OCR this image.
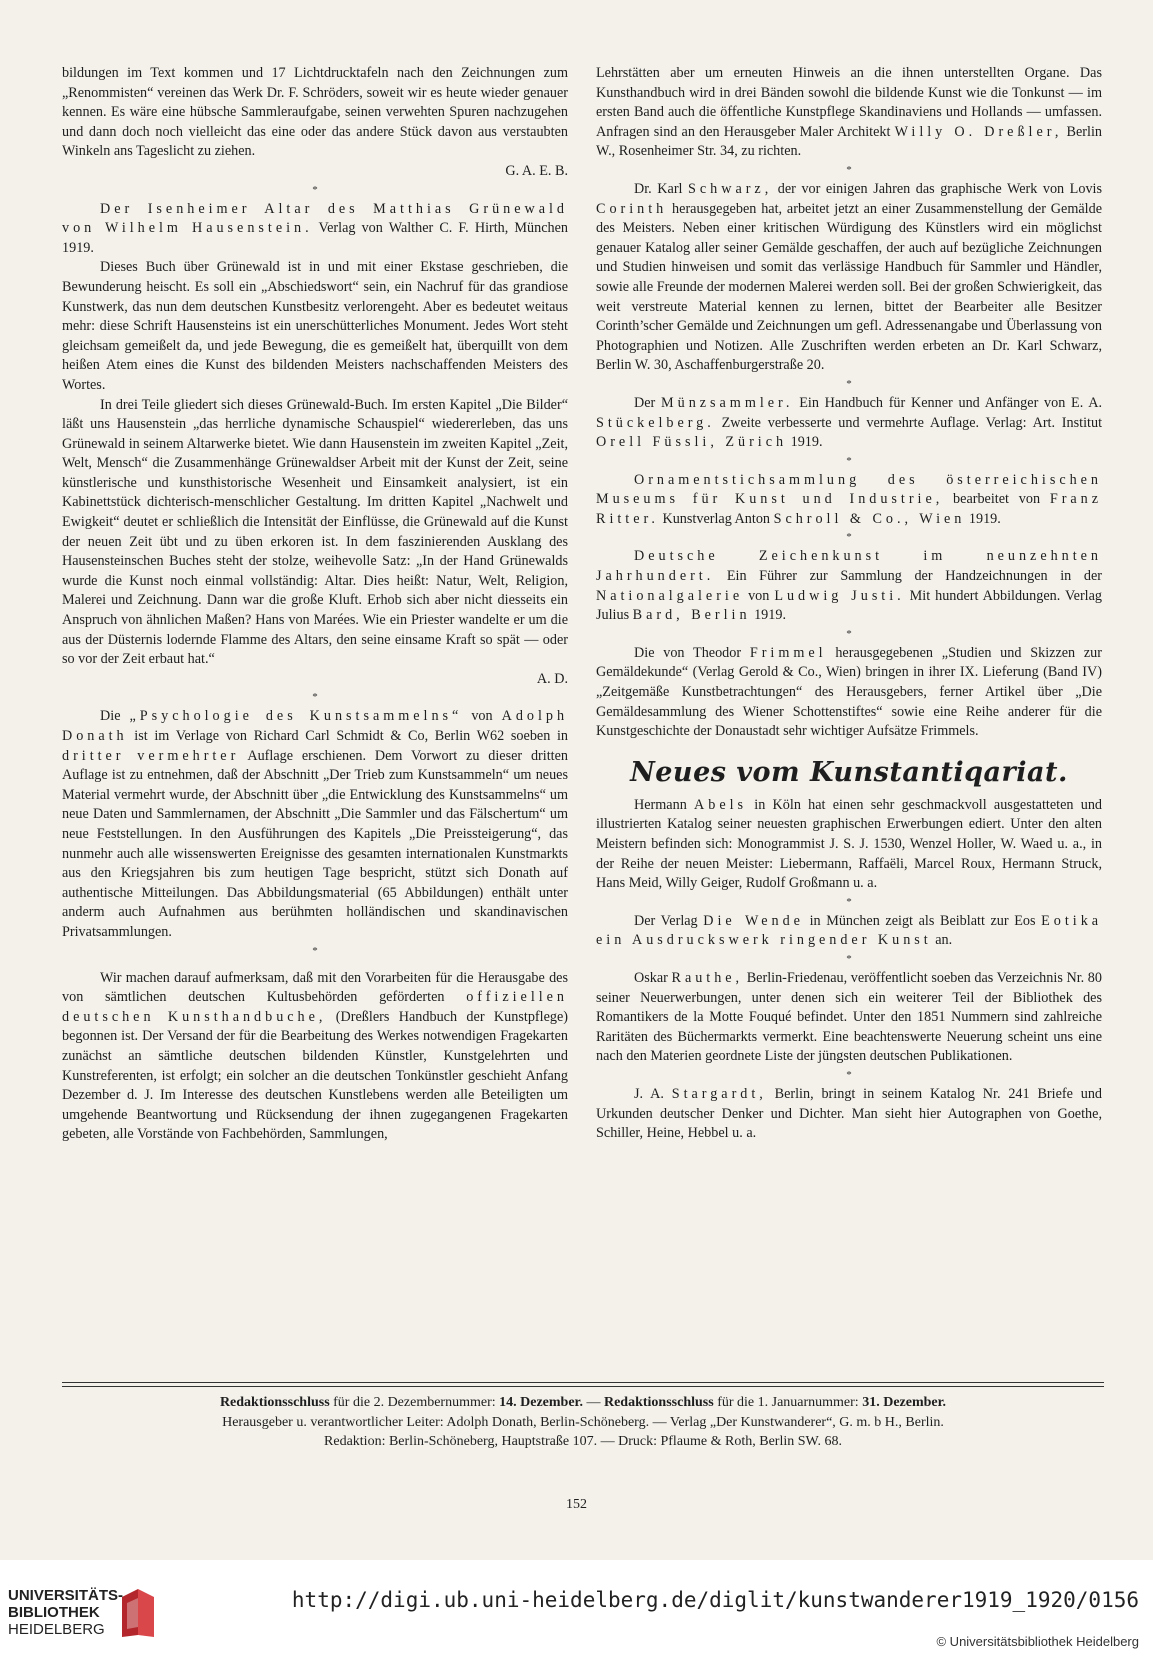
bildungen im Text kommen und 17 Lichtdrucktafeln nach den Zeichnungen zum „Renommisten“ vereinen das Werk Dr. F. Schröders, soweit wir es heute wieder genauer kennen. Es wäre eine hübsche Sammleraufgabe, seinen verwehten Spuren nachzugehen und dann doch noch vielleicht das eine oder das andere Stück davon aus verstaubten Winkeln ans Tageslicht zu ziehen.
G. A. E. B.

*

Der Isenheimer Altar des Matthias Grünewald von Wilhelm Hausenstein. Verlag von Walther C. F. Hirth, München 1919.

Dieses Buch über Grünewald ist in und mit einer Ekstase geschrieben, die Bewunderung heischt. Es soll ein „Abschiedswort“ sein, ein Nachruf für das grandiose Kunstwerk, das nun dem deutschen Kunstbesitz verlorengeht. Aber es bedeutet weitaus mehr: diese Schrift Hausensteins ist ein unerschütterliches Monument. Jedes Wort steht gleichsam gemeißelt da, und jede Bewegung, die es gemeißelt hat, überquillt von dem heißen Atem eines die Kunst des bildenden Meisters nachschaffenden Meisters des Wortes.

In drei Teile gliedert sich dieses Grünewald-Buch. Im ersten Kapitel „Die Bilder“ läßt uns Hausenstein „das herrliche dynamische Schauspiel“ wiedererleben, das uns Grünewald in seinem Altarwerke bietet. Wie dann Hausenstein im zweiten Kapitel „Zeit, Welt, Mensch“ die Zusammenhänge Grünewaldser Arbeit mit der Kunst der Zeit, seine künstlerische und kunsthistorische Wesenheit und Einsamkeit analysiert, ist ein Kabinettstück dichterisch-menschlicher Gestaltung. Im dritten Kapitel „Nachwelt und Ewigkeit“ deutet er schließlich die Intensität der Einflüsse, die Grünewald auf die Kunst der neuen Zeit übt und zu üben erkoren ist. In dem faszinierenden Ausklang des Hausensteinschen Buches steht der stolze, weihevolle Satz: „In der Hand Grünewalds wurde die Kunst noch einmal vollständig: Altar. Dies heißt: Natur, Welt, Religion, Malerei und Zeichnung. Dann war die große Kluft. Erhob sich aber nicht diesseits ein Anspruch von ähnlichen Maßen? Hans von Marées. Wie ein Priester wandelte er um die aus der Düsternis lodernde Flamme des Altars, den seine einsame Kraft so spät — oder so vor der Zeit erbaut hat.“
A. D.

*

Die „Psychologie des Kunstsammelns“ von Adolph Donath ist im Verlage von Richard Carl Schmidt & Co, Berlin W62 soeben in dritter vermehrter Auflage erschienen. Dem Vorwort zu dieser dritten Auflage ist zu entnehmen, daß der Abschnitt „Der Trieb zum Kunstsammeln“ um neues Material vermehrt wurde, der Abschnitt über „die Entwicklung des Kunstsammelns“ um neue Daten und Sammlernamen, der Abschnitt „Die Sammler und das Fälschertum“ um neue Feststellungen. In den Ausführungen des Kapitels „Die Preissteigerung“, das nunmehr auch alle wissenswerten Ereignisse des gesamten internationalen Kunstmarkts aus den Kriegsjahren bis zum heutigen Tage bespricht, stützt sich Donath auf authentische Mitteilungen. Das Abbildungsmaterial (65 Abbildungen) enthält unter anderm auch Aufnahmen aus berühmten holländischen und skandinavischen Privatsammlungen.

*

Wir machen darauf aufmerksam, daß mit den Vorarbeiten für die Herausgabe des von sämtlichen deutschen Kultusbehörden geförderten offiziellen deutschen Kunsthandbuche, (Dreßlers Handbuch der Kunstpflege) begonnen ist. Der Versand der für die Bearbeitung des Werkes notwendigen Fragekarten zunächst an sämtliche deutschen bildenden Künstler, Kunstgelehrten und Kunstreferenten, ist erfolgt; ein solcher an die deutschen Tonkünstler geschieht Anfang Dezember d. J. Im Interesse des deutschen Kunstlebens werden alle Beteiligten um umgehende Beantwortung und Rücksendung der ihnen zugegangenen Fragekarten gebeten, alle Vorstände von Fachbehörden, Sammlungen,

Lehrstätten aber um erneuten Hinweis an die ihnen unterstellten Organe. Das Kunsthandbuch wird in drei Bänden sowohl die bildende Kunst wie die Tonkunst — im ersten Band auch die öffentliche Kunstpflege Skandinaviens und Hollands — umfassen. Anfragen sind an den Herausgeber Maler Architekt Willy O. Dreßler, Berlin W., Rosenheimer Str. 34, zu richten.

*

Dr. Karl Schwarz, der vor einigen Jahren das graphische Werk von Lovis Corinth herausgegeben hat, arbeitet jetzt an einer Zusammenstellung der Gemälde des Meisters. Neben einer kritischen Würdigung des Künstlers wird ein möglichst genauer Katalog aller seiner Gemälde geschaffen, der auch auf bezügliche Zeichnungen und Studien hinweisen und somit das verlässige Handbuch für Sammler und Händler, sowie alle Freunde der modernen Malerei werden soll. Bei der großen Schwierigkeit, das weit verstreute Material kennen zu lernen, bittet der Bearbeiter alle Besitzer Corinth’scher Gemälde und Zeichnungen um gefl. Adressenangabe und Überlassung von Photographien und Notizen. Alle Zuschriften werden erbeten an Dr. Karl Schwarz, Berlin W. 30, Aschaffenburgerstraße 20.

*

Der Münzsammler. Ein Handbuch für Kenner und Anfänger von E. A. Stückelberg. Zweite verbesserte und vermehrte Auflage. Verlag: Art. Institut Orell Füssli, Zürich 1919.

*

Ornamentstichsammlung des österreichischen Museums für Kunst und Industrie, bearbeitet von Franz Ritter. Kunstverlag Anton Schroll & Co., Wien 1919.

*

Deutsche Zeichenkunst im neunzehnten Jahrhundert. Ein Führer zur Sammlung der Handzeichnungen in der Nationalgalerie von Ludwig Justi. Mit hundert Abbildungen. Verlag Julius Bard, Berlin 1919.

*

Die von Theodor Frimmel herausgegebenen „Studien und Skizzen zur Gemäldekunde“ (Verlag Gerold & Co., Wien) bringen in ihrer IX. Lieferung (Band IV) „Zeitgemäße Kunstbetrachtungen“ des Herausgebers, ferner Artikel über „Die Gemäldesammlung des Wiener Schottenstiftes“ sowie eine Reihe anderer für die Kunstgeschichte der Donaustadt sehr wichtiger Aufsätze Frimmels.

Neues vom Kunstantiqariat.

Hermann Abels in Köln hat einen sehr geschmackvoll ausgestatteten und illustrierten Katalog seiner neuesten graphischen Erwerbungen ediert. Unter den alten Meistern befinden sich: Monogrammist J. S. J. 1530, Wenzel Holler, W. Waed u. a., in der Reihe der neuen Meister: Liebermann, Raffaëli, Marcel Roux, Hermann Struck, Hans Meid, Willy Geiger, Rudolf Großmann u. a.

*

Der Verlag Die Wende in München zeigt als Beiblatt zur Eos Eotika ein Ausdruckswerk ringender Kunst an.

*

Oskar Rauthe, Berlin-Friedenau, veröffentlicht soeben das Verzeichnis Nr. 80 seiner Neuerwerbungen, unter denen sich ein weiterer Teil der Bibliothek des Romantikers de la Motte Fouqué befindet. Unter den 1851 Nummern sind zahlreiche Raritäten des Büchermarkts vermerkt. Eine beachtenswerte Neuerung scheint uns eine nach den Materien geordnete Liste der jüngsten deutschen Publikationen.

*

J. A. Stargardt, Berlin, bringt in seinem Katalog Nr. 241 Briefe und Urkunden deutscher Denker und Dichter. Man sieht hier Autographen von Goethe, Schiller, Heine, Hebbel u. a.

Redaktionsschluss für die 2. Dezembernummer: 14. Dezember. — Redaktionsschluss für die 1. Januarnummer: 31. Dezember.
Herausgeber u. verantwortlicher Leiter: Adolph Donath, Berlin-Schöneberg. — Verlag „Der Kunstwanderer“, G. m. b H., Berlin.
Redaktion: Berlin-Schöneberg, Hauptstraße 107. — Druck: Pflaume & Roth, Berlin SW. 68.
152
UNIVERSITÄTS-
BIBLIOTHEK
HEIDELBERG
http://digi.ub.uni-heidelberg.de/diglit/kunstwanderer1919_1920/0156
© Universitätsbibliothek Heidelberg
